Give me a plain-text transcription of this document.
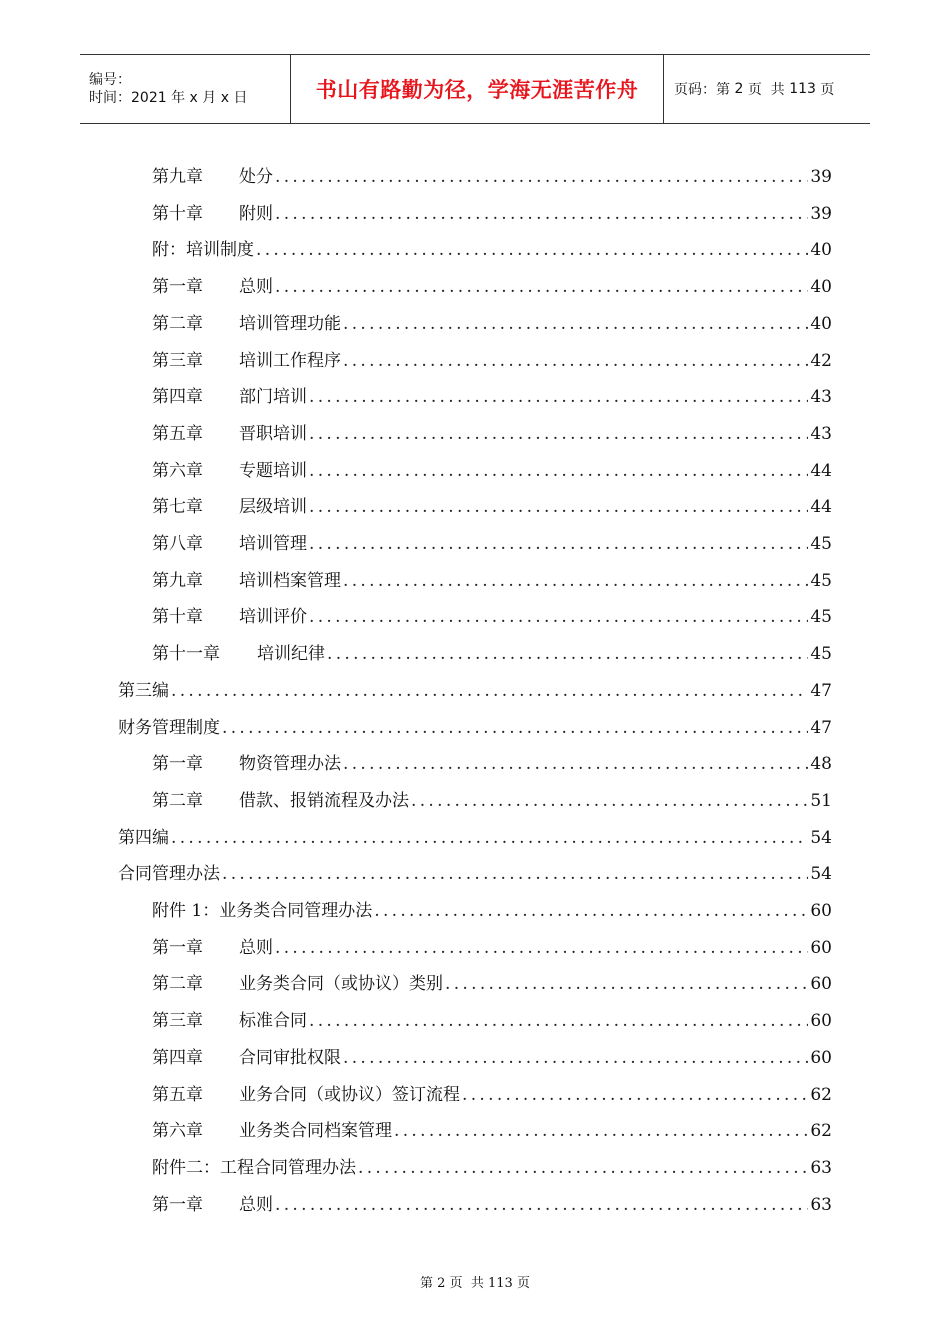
编号：
时间：2021 年 x 月 x 日	书山有路勤为径，学海无涯苦作舟	页码：第 2 页  共 113 页
第九章 处分 .....	39
第十章 附则 .....	39
附：培训制度 .....	40
第一章 总则 .....	40
第二章 培训管理功能 .....	40
第三章 培训工作程序 .....	42
第四章 部门培训 .....	43
第五章 晋职培训 .....	43
第六章 专题培训 .....	44
第七章 层级培训 .....	44
第八章 培训管理 .....	45
第九章 培训档案管理 .....	45
第十章 培训评价 .....	45
第十一章 培训纪律 .....	45
第三编 .....	47
财务管理制度 .....	47
第一章 物资管理办法 .....	48
第二章 借款、报销流程及办法 .....	51
第四编 .....	54
合同管理办法 .....	54
附件 1：业务类合同管理办法 .....	60
第一章 总则 .....	60
第二章 业务类合同（或协议）类别 .....	60
第三章 标准合同 .....	60
第四章 合同审批权限 .....	60
第五章 业务合同（或协议）签订流程 .....	62
第六章 业务类合同档案管理 .....	62
附件二：工程合同管理办法 .....	63
第一章 总则 .....	63
第 2 页  共 113 页
